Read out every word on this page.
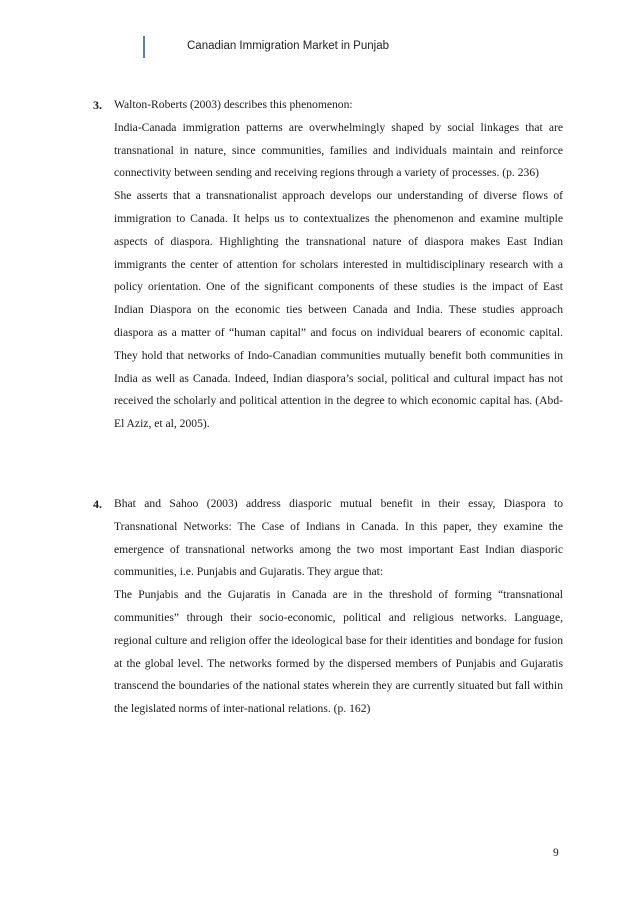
Canadian Immigration Market in Punjab
3. Walton-Roberts (2003) describes this phenomenon:

India-Canada immigration patterns are overwhelmingly shaped by social linkages that are transnational in nature, since communities, families and individuals maintain and reinforce connectivity between sending and receiving regions through a variety of processes. (p. 236)

She asserts that a transnationalist approach develops our understanding of diverse flows of immigration to Canada. It helps us to contextualizes the phenomenon and examine multiple aspects of diaspora. Highlighting the transnational nature of diaspora makes East Indian immigrants the center of attention for scholars interested in multidisciplinary research with a policy orientation. One of the significant components of these studies is the impact of East Indian Diaspora on the economic ties between Canada and India. These studies approach diaspora as a matter of “human capital” and focus on individual bearers of economic capital. They hold that networks of Indo-Canadian communities mutually benefit both communities in India as well as Canada. Indeed, Indian diaspora’s social, political and cultural impact has not received the scholarly and political attention in the degree to which economic capital has. (Abd-El Aziz, et al, 2005).

4. Bhat and Sahoo (2003) address diasporic mutual benefit in their essay, Diaspora to Transnational Networks: The Case of Indians in Canada. In this paper, they examine the emergence of transnational networks among the two most important East Indian diasporic communities, i.e. Punjabis and Gujaratis. They argue that:

The Punjabis and the Gujaratis in Canada are in the threshold of forming “transnational communities” through their socio-economic, political and religious networks. Language, regional culture and religion offer the ideological base for their identities and bondage for fusion at the global level. The networks formed by the dispersed members of Punjabis and Gujaratis transcend the boundaries of the national states wherein they are currently situated but fall within the legislated norms of inter-national relations. (p. 162)

9
